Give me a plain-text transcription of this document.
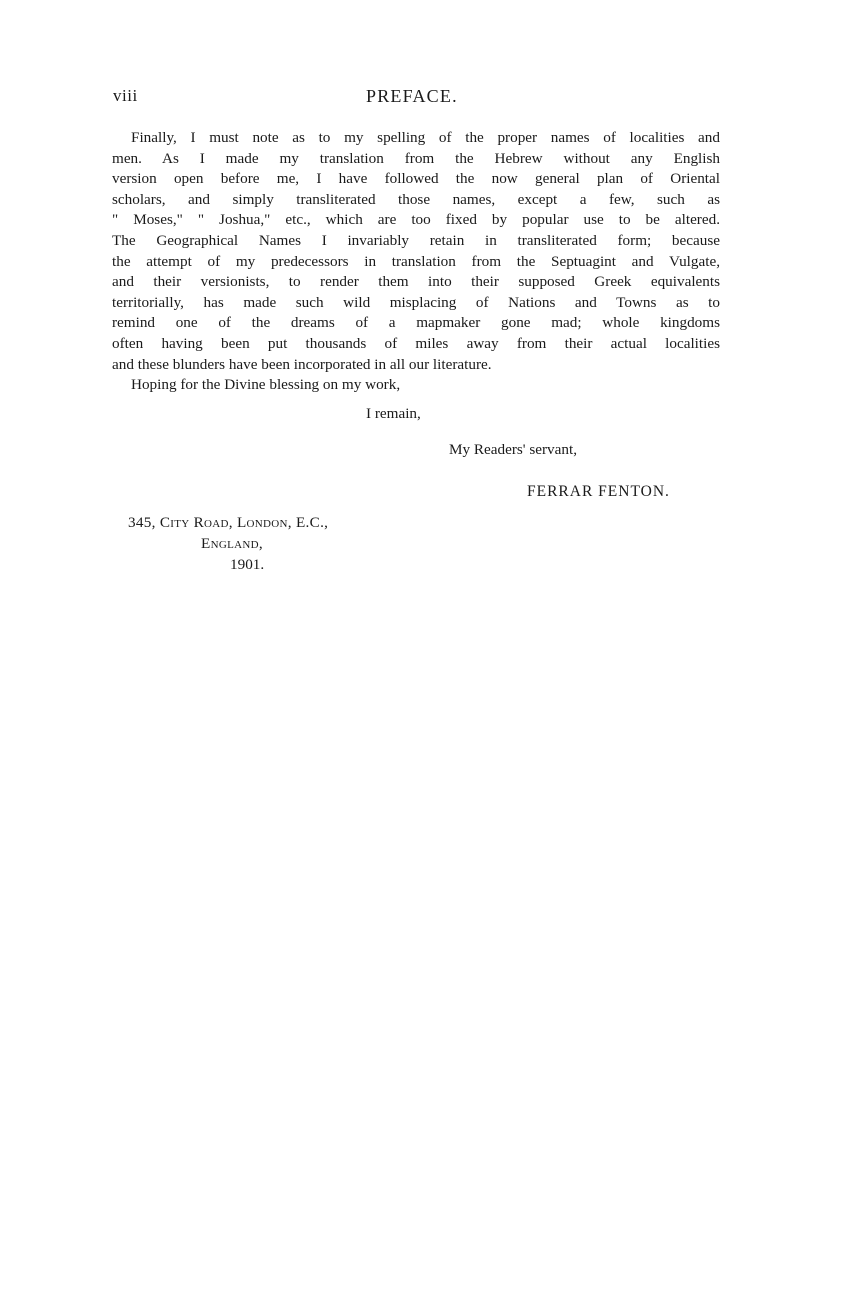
viii	PREFACE.
Finally, I must note as to my spelling of the proper names of localities and
men. As I made my translation from the Hebrew without any English
version open before me, I have followed the now general plan of Oriental
scholars, and simply transliterated those names, except a few, such as
" Moses," " Joshua," etc., which are too fixed by popular use to be altered.
The Geographical Names I invariably retain in transliterated form; because
the attempt of my predecessors in translation from the Septuagint and Vulgate,
and their versionists, to render them into their supposed Greek equivalents
territorially, has made such wild misplacing of Nations and Towns as to
remind one of the dreams of a mapmaker gone mad; whole kingdoms
often having been put thousands of miles away from their actual localities
and these blunders have been incorporated in all our literature.
Hoping for the Divine blessing on my work,
I remain,
My Readers' servant,
FERRAR FENTON.
345, City Road, London, E.C.,
England,
1901.
